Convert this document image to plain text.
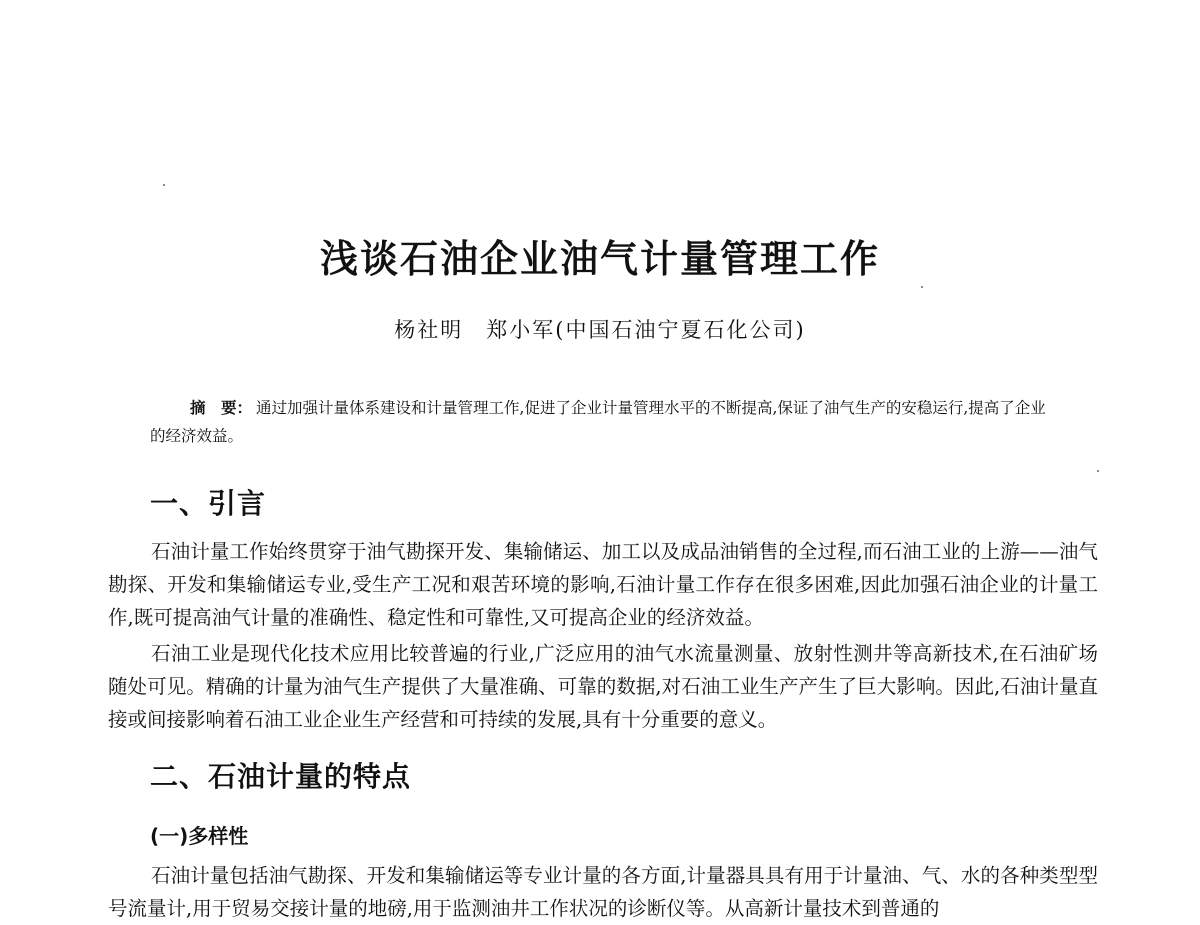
浅谈石油企业油气计量管理工作
杨社明　郑小军(中国石油宁夏石化公司)
摘　要： 通过加强计量体系建设和计量管理工作,促进了企业计量管理水平的不断提高,保证了油气生产的安稳运行,提高了企业的经济效益。
一、引言
石油计量工作始终贯穿于油气勘探开发、集输储运、加工以及成品油销售的全过程,而石油工业的上游——油气勘探、开发和集输储运专业,受生产工况和艰苦环境的影响,石油计量工作存在很多困难,因此加强石油企业的计量工作,既可提高油气计量的准确性、稳定性和可靠性,又可提高企业的经济效益。
石油工业是现代化技术应用比较普遍的行业,广泛应用的油气水流量测量、放射性测井等高新技术,在石油矿场随处可见。精确的计量为油气生产提供了大量准确、可靠的数据,对石油工业生产产生了巨大影响。因此,石油计量直接或间接影响着石油工业企业生产经营和可持续的发展,具有十分重要的意义。
二、石油计量的特点
(一)多样性
石油计量包括油气勘探、开发和集输储运等专业计量的各方面,计量器具具有用于计量油、气、水的各种类型型号流量计,用于贸易交接计量的地磅,用于监测油井工作状况的诊断仪等。从高新计量技术到普通的
